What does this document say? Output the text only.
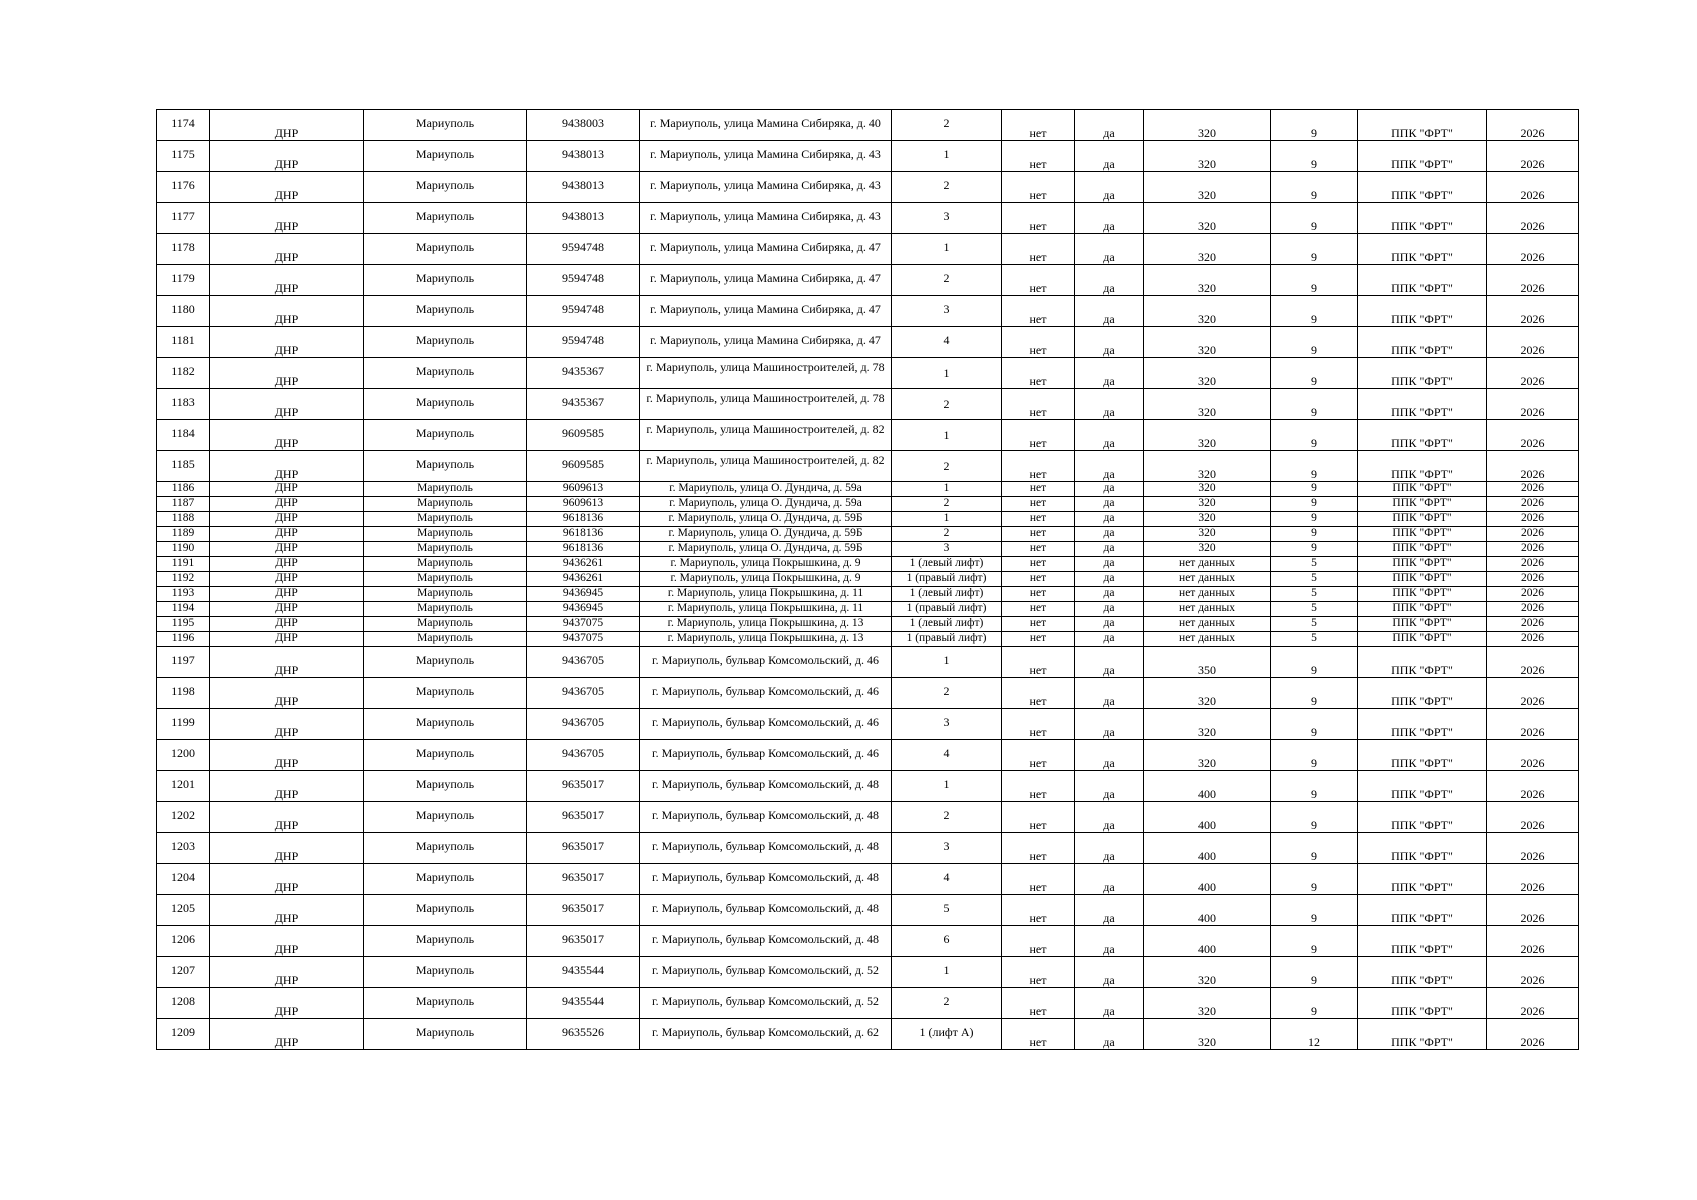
1174	ДНР	Мариуполь	9438003	г. Мариуполь, улица Мамина Сибиряка, д. 40	2	нет	да	320	9	ППК "ФРТ"	2026
1175	ДНР	Мариуполь	9438013	г. Мариуполь, улица Мамина Сибиряка, д. 43	1	нет	да	320	9	ППК "ФРТ"	2026
1176	ДНР	Мариуполь	9438013	г. Мариуполь, улица Мамина Сибиряка, д. 43	2	нет	да	320	9	ППК "ФРТ"	2026
1177	ДНР	Мариуполь	9438013	г. Мариуполь, улица Мамина Сибиряка, д. 43	3	нет	да	320	9	ППК "ФРТ"	2026
1178	ДНР	Мариуполь	9594748	г. Мариуполь, улица Мамина Сибиряка, д. 47	1	нет	да	320	9	ППК "ФРТ"	2026
1179	ДНР	Мариуполь	9594748	г. Мариуполь, улица Мамина Сибиряка, д. 47	2	нет	да	320	9	ППК "ФРТ"	2026
1180	ДНР	Мариуполь	9594748	г. Мариуполь, улица Мамина Сибиряка, д. 47	3	нет	да	320	9	ППК "ФРТ"	2026
1181	ДНР	Мариуполь	9594748	г. Мариуполь, улица Мамина Сибиряка, д. 47	4	нет	да	320	9	ППК "ФРТ"	2026
1182	ДНР	Мариуполь	9435367	г. Мариуполь, улица Машиностроителей, д. 78	1	нет	да	320	9	ППК "ФРТ"	2026
1183	ДНР	Мариуполь	9435367	г. Мариуполь, улица Машиностроителей, д. 78	2	нет	да	320	9	ППК "ФРТ"	2026
1184	ДНР	Мариуполь	9609585	г. Мариуполь, улица Машиностроителей, д. 82	1	нет	да	320	9	ППК "ФРТ"	2026
1185	ДНР	Мариуполь	9609585	г. Мариуполь, улица Машиностроителей, д. 82	2	нет	да	320	9	ППК "ФРТ"	2026
1186	ДНР	Мариуполь	9609613	г. Мариуполь, улица О. Дундича, д. 59а	1	нет	да	320	9	ППК "ФРТ"	2026
1187	ДНР	Мариуполь	9609613	г. Мариуполь, улица О. Дундича, д. 59а	2	нет	да	320	9	ППК "ФРТ"	2026
1188	ДНР	Мариуполь	9618136	г. Мариуполь, улица О. Дундича, д. 59Б	1	нет	да	320	9	ППК "ФРТ"	2026
1189	ДНР	Мариуполь	9618136	г. Мариуполь, улица О. Дундича, д. 59Б	2	нет	да	320	9	ППК "ФРТ"	2026
1190	ДНР	Мариуполь	9618136	г. Мариуполь, улица О. Дундича, д. 59Б	3	нет	да	320	9	ППК "ФРТ"	2026
1191	ДНР	Мариуполь	9436261	г. Мариуполь, улица Покрышкина, д. 9	1 (левый лифт)	нет	да	нет данных	5	ППК "ФРТ"	2026
1192	ДНР	Мариуполь	9436261	г. Мариуполь, улица Покрышкина, д. 9	1 (правый лифт)	нет	да	нет данных	5	ППК "ФРТ"	2026
1193	ДНР	Мариуполь	9436945	г. Мариуполь, улица Покрышкина, д. 11	1 (левый лифт)	нет	да	нет данных	5	ППК "ФРТ"	2026
1194	ДНР	Мариуполь	9436945	г. Мариуполь, улица Покрышкина, д. 11	1 (правый лифт)	нет	да	нет данных	5	ППК "ФРТ"	2026
1195	ДНР	Мариуполь	9437075	г. Мариуполь, улица Покрышкина, д. 13	1 (левый лифт)	нет	да	нет данных	5	ППК "ФРТ"	2026
1196	ДНР	Мариуполь	9437075	г. Мариуполь, улица Покрышкина, д. 13	1 (правый лифт)	нет	да	нет данных	5	ППК "ФРТ"	2026
1197	ДНР	Мариуполь	9436705	г. Мариуполь, бульвар Комсомольский, д. 46	1	нет	да	350	9	ППК "ФРТ"	2026
1198	ДНР	Мариуполь	9436705	г. Мариуполь, бульвар Комсомольский, д. 46	2	нет	да	320	9	ППК "ФРТ"	2026
1199	ДНР	Мариуполь	9436705	г. Мариуполь, бульвар Комсомольский, д. 46	3	нет	да	320	9	ППК "ФРТ"	2026
1200	ДНР	Мариуполь	9436705	г. Мариуполь, бульвар Комсомольский, д. 46	4	нет	да	320	9	ППК "ФРТ"	2026
1201	ДНР	Мариуполь	9635017	г. Мариуполь, бульвар Комсомольский, д. 48	1	нет	да	400	9	ППК "ФРТ"	2026
1202	ДНР	Мариуполь	9635017	г. Мариуполь, бульвар Комсомольский, д. 48	2	нет	да	400	9	ППК "ФРТ"	2026
1203	ДНР	Мариуполь	9635017	г. Мариуполь, бульвар Комсомольский, д. 48	3	нет	да	400	9	ППК "ФРТ"	2026
1204	ДНР	Мариуполь	9635017	г. Мариуполь, бульвар Комсомольский, д. 48	4	нет	да	400	9	ППК "ФРТ"	2026
1205	ДНР	Мариуполь	9635017	г. Мариуполь, бульвар Комсомольский, д. 48	5	нет	да	400	9	ППК "ФРТ"	2026
1206	ДНР	Мариуполь	9635017	г. Мариуполь, бульвар Комсомольский, д. 48	6	нет	да	400	9	ППК "ФРТ"	2026
1207	ДНР	Мариуполь	9435544	г. Мариуполь, бульвар Комсомольский, д. 52	1	нет	да	320	9	ППК "ФРТ"	2026
1208	ДНР	Мариуполь	9435544	г. Мариуполь, бульвар Комсомольский, д. 52	2	нет	да	320	9	ППК "ФРТ"	2026
1209	ДНР	Мариуполь	9635526	г. Мариуполь, бульвар Комсомольский, д. 62	1 (лифт А)	нет	да	320	12	ППК "ФРТ"	2026
